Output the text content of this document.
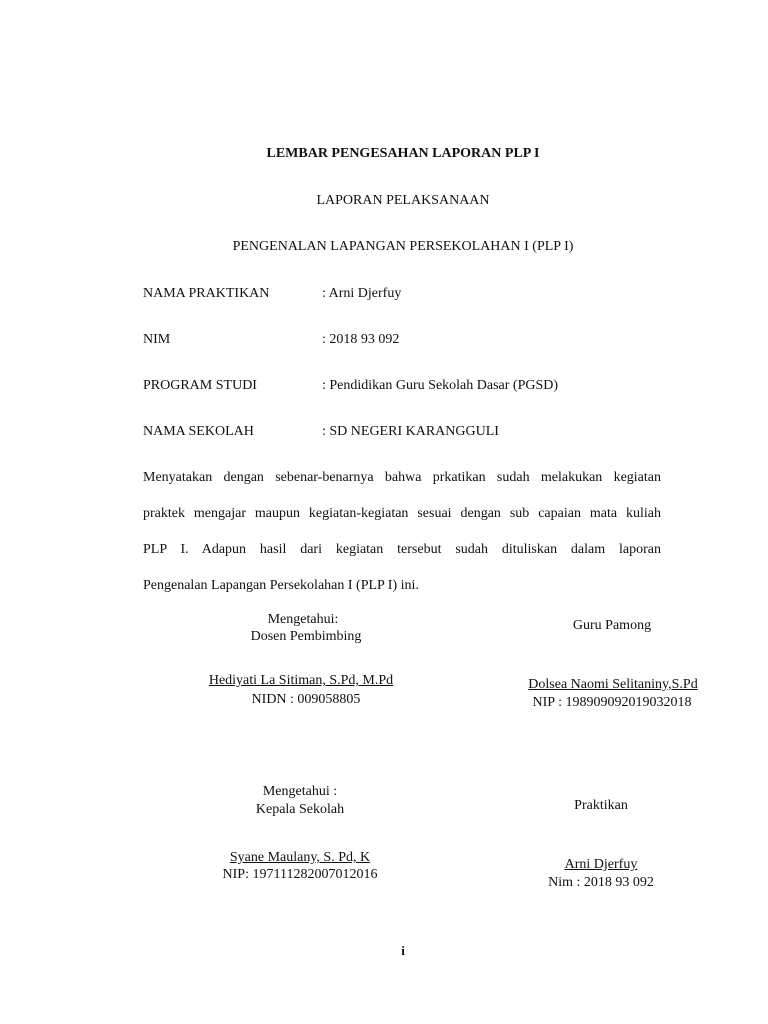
LEMBAR PENGESAHAN LAPORAN PLP I
LAPORAN PELAKSANAAN
PENGENALAN LAPANGAN PERSEKOLAHAN I (PLP I)
NAMA PRAKTIKAN	: Arni Djerfuy
NIM	: 2018 93 092
PROGRAM STUDI	: Pendidikan Guru Sekolah Dasar (PGSD)
NAMA SEKOLAH	: SD NEGERI KARANGGULI
Menyatakan dengan sebenar-benarnya bahwa prkatikan sudah melakukan kegiatan
praktek mengajar maupun kegiatan-kegiatan sesuai dengan sub capaian mata kuliah
PLP I. Adapun hasil dari kegiatan tersebut sudah dituliskan dalam laporan
Pengenalan Lapangan Persekolahan I (PLP I) ini.
Mengetahui:
Dosen Pembimbing
Hediyati La Sitiman, S.Pd, M.Pd
NIDN : 009058805
Guru Pamong
Dolsea Naomi Selitaniny,S.Pd
NIP : 198909092019032018
Mengetahui :
Kepala Sekolah
Syane Maulany, S. Pd, K
NIP: 197111282007012016
Praktikan
Arni Djerfuy
Nim : 2018 93 092
i
